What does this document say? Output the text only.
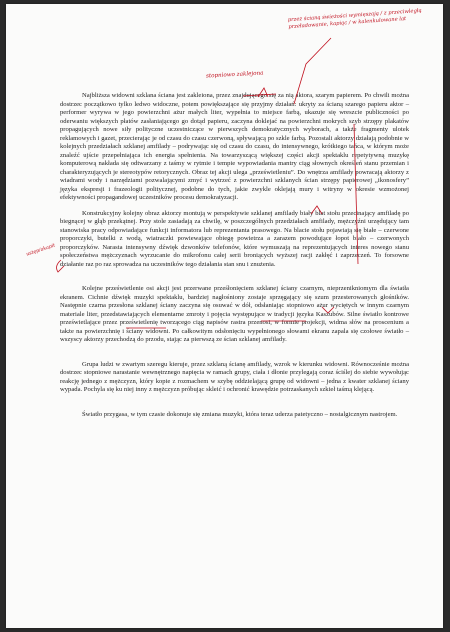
Najbliższa widowni szklana ściana jest zakleiona, przez znajdującego się za nią aktora, szarym papierem. Po chwili można dostrzec początkowo tylko ledwo widoczne, potem powiększające się przyjmy działań: ukryty za ścianą szarego papieru aktor – performer wyrywa w jego powierzchni ażur małych liter, wypełnia to miejsce farbą, ukazuje się wreszcie publiczności po oderwaniu większych płatów zasłaniającego go dotąd papieru, zaczyna doklejać na powierzchni mokrych szyb strzępy plakatów propagujących nowe siły polityczne uczestniczące w pierwszych demokratycznych wyborach, a także fragmenty ulotek reklamowych i gazet, przecierając je od czasu do czasu czerwoną, spływającą po szkle farbą. Pozostali aktorzy działają podobnie w kolejnych przedziałach szklanej amfilady – podrywając się od czasu do czasu, do intensywnego, krótkiego tańca, w którym może znaleźć ujście przepełniająca ich energia spełnienia. Na towarzyszącą większej części akcji spektaklu repetytywną muzykę komputerową nakłada się odtwarzany z taśmy w rytmie i tempie wypowiadania mantry ciąg słownych określeń stanu przemian i charakteryzujących je stereotypów retorycznych. Obraz tej akcji ulega „prześwietleniu”. Do wnętrza amfilady powracają aktorzy z wiadrami wody i narzędziami pozwalającymi zmyć i wytrzeć z powierzchni szklanych ścian strzępy papierowej „ikonosfery” języka ekspresji i frazeologii politycznej, podobne do tych, jakie zwykle oklejają mury i witryny w okresie wzmożonej efektywności propagandowej uczestników procesu demokratyzacji.

Konstrukcyjny kolejny obraz aktorzy montują w perspektywie szklanej amfilady biały blat stołu przecinający amfiladę po biegnącej w głąb przekątnej. Przy stole zasiadają za chwilę, w poszczególnych przedziałach amfilady, mężczyźni urzędujący tam stanowiska pracy odpowiadające funkcji informatora lub reprezentanta prasowego. Na blacie stołu pojawiają się białe – czerwone proporczyki, butelki z wodą, wiatraczki powiewające obiegę powietrza a zarazem powodujące łopot biało – czerwonych proporczyków. Narasta intensywny dźwięk dzwonków telefonów, które wymuszają na reprezentujących interes nowego stanu społeczeństwa mężczyznach wyrzucanie do mikrofonu całej serii broniących wyższej racji zakłęć i zaprzeczeń. To forsowne działanie raz po raz sprowadza na uczestników tego działania stan snu i znużenia.

Kolejne prześwietlenie osi akcji jest przerwane prześłonięciem szklanej ściany czarnym, nieprzenikniomym dla światła ekranem. Cichnie dźwięk muzyki spektaklu, bardziej nagłośniony zostaje sprzęgający się szum przesterowanych głośników. Następnie czarna przesłona szklanej ściany zaczyna się osuwać w dół, odsłaniając stopniowo ażur wyciętych w innym czarnym materiale liter, przedstawiających elementarne zmroty i pojęcia występujące w tradycji języka Kaszubów. Silne światło kontrowe prześwietlające przez prześwietlenię tworzącego ciąg napisów rastra przenosi, w formie projekcji, widma słów na proscenium a także na powierzchnię i ściany widowni. Po całkowitym odsłonięciu wypełnionego słowami ekranu zapala się czołowe światło – wszyscy aktorzy przechodzą do przodu, stając za pierwszą ze ścian szklanej amfilady.

Grupa ludzi w zwartym szeregu kieruje, przez szklaną ścianę amfilady, wzrok w kierunku widowni. Równocześnie można dostrzec stopniowe narastanie wewnętrznego napięcia w ramach grupy, ciała i dłonie przylegają coraz ściślej do siebie wywołując reakcję jednego z mężczyzn, który kopie z rozmachem w szybę oddzielającą grupę od widowni – jedna z kwater szklanej ściany wypada. Pochyla się ku niej inny z mężczyzn próbując skleić i ochronić krawędzie potrzaskanych szkieł taśmą klejącą.

Światło przygasa, w tym czasie dokonuje się zmiana muzyki, która teraz uderza patetyczno – nostalgicznym nastrojem.

przez ścianą świeżości wymięszają / z przeciwległą przeładowanie, kapiąc / w kalenkulowane lat
stopniowo zaklejona
ustęp/akapit
